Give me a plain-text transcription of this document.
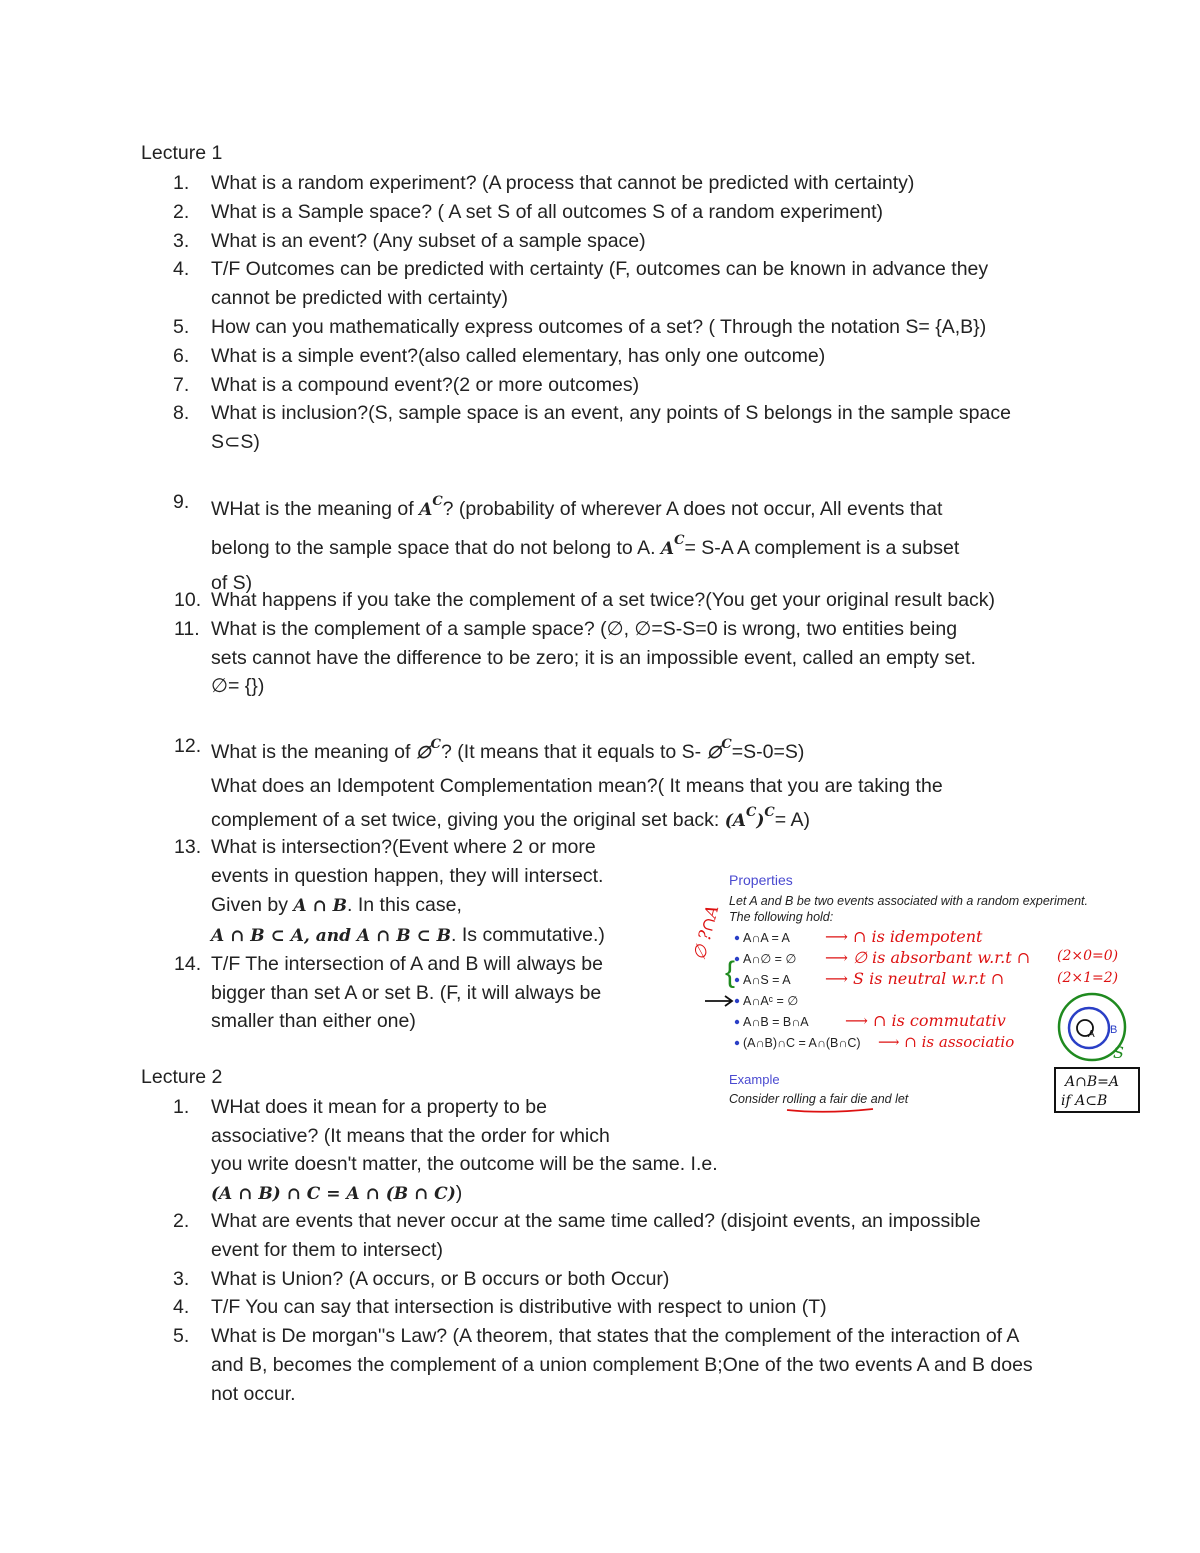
Lecture 1
1. What is a random experiment? (A process that cannot be predicted with certainty)
2. What is a Sample space? ( A set S of all outcomes S of a random experiment)
3. What is an event? (Any subset of a sample space)
4. T/F Outcomes can be predicted with certainty (F, outcomes can be known in advance they cannot be predicted with certainty)
5. How can you mathematically express outcomes of a set? ( Through the notation S= {A,B})
6. What is a simple event?(also called elementary, has only one outcome)
7. What is a compound event?(2 or more outcomes)
8. What is inclusion?(S, sample space is an event, any points of S belongs in the sample space S⊂S)
9.	WHat is the meaning of $A^C$? (probability of wherever A does not occur, All events that
belong to the sample space that do not belong to A. $A^C= S-A$ A complement is a subset
of S)
10. What happens if you take the complement of a set twice?(You get your original result back)
11. What is the complement of a sample space? (∅, ∅=S-S=0 is wrong, two entities being
sets cannot have the difference to be zero; it is an impossible event, called an empty set.
∅= {})
12. What is the meaning of ∅$^C$? (It means that it equals to S- ∅$^C$=S-0=S)
What does an Idempotent Complementation mean?( It means that you are taking the
complement of a set twice, giving you the original set back: $(A^C)^C= A$)
13. What is intersection?(Event where 2 or more
events in question happen, they will intersect.
Given by A ∩ B. In this case,
A ∩ B ⊂ A, and A ∩ B ⊂ B. Is commutative.)
14. T/F The intersection of A and B will always be
bigger than set A or set B. (F, it will always be
smaller than either one)
Properties
Let A and B be two events associated with a random experiment.
The following hold:
A∩A = A
A∩∅ = ∅
A∩S = A
A∩Aᶜ = ∅
A∩B = B∩A
(A∩B)∩C = A∩(B∩C)
∅ ?∩A
{
⟶ ∩ is idempotent
⟶ ∅ is absorbant w.r.t ∩
⟶ S is neutral w.r.t ∩
⟶ ∩ is commutativ
⟶ ∩ is associatio
(2×0=0)
(2×1=2)
A B
S
A∩B=A
if A⊂B
Example
Consider rolling a fair die and let
Lecture 2
1.	WHat does it mean for a property to be
associative? (It means that the order for which
you write doesn't matter, the outcome will be the same. I.e.
(A ∩ B) ∩ C = A ∩ (B ∩ C))
2. What are events that never occur at the same time called? (disjoint events, an impossible event for them to intersect)
3. What is Union? (A occurs, or B occurs or both Occur)
4. T/F You can say that intersection is distributive with respect to union (T)
5. What is De morgan''s Law? (A theorem, that states that the complement of the interaction of A and B, becomes the complement of a union complement B;One of the two events A and B does not occur.
